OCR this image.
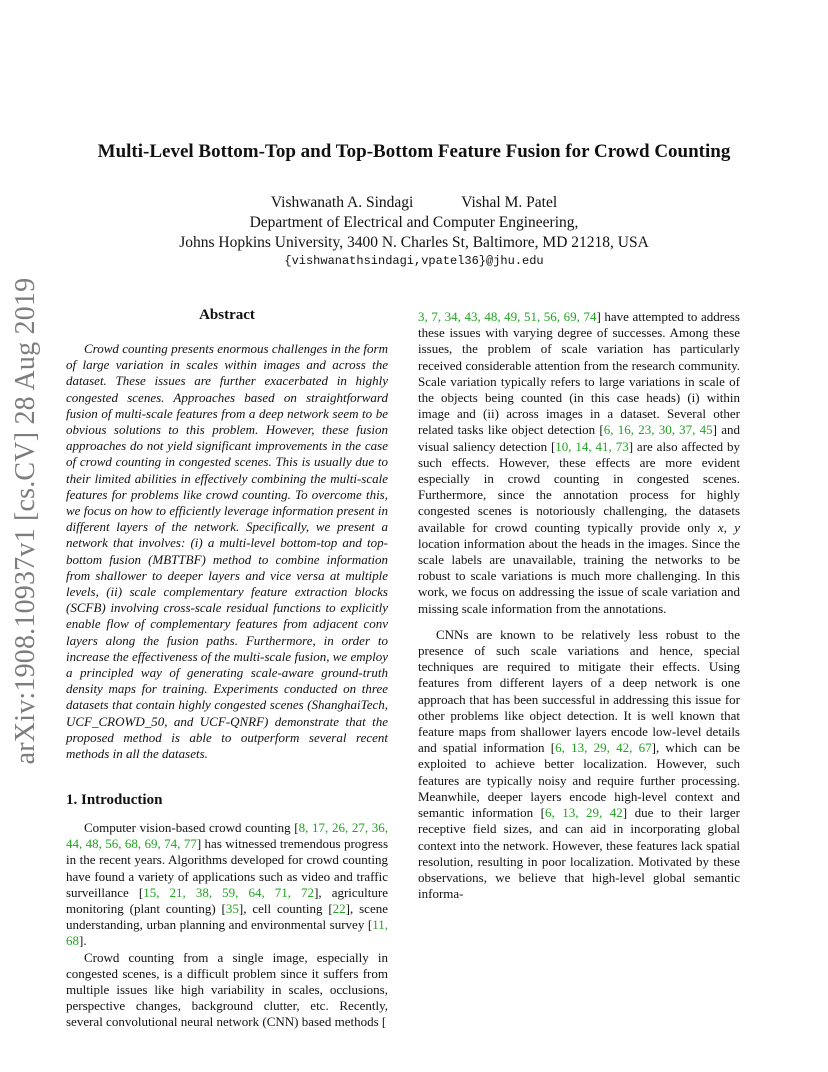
arXiv:1908.10937v1 [cs.CV] 28 Aug 2019
Multi-Level Bottom-Top and Top-Bottom Feature Fusion for Crowd Counting
Vishwanath A. Sindagi	Vishal M. Patel
Department of Electrical and Computer Engineering,
Johns Hopkins University, 3400 N. Charles St, Baltimore, MD 21218, USA
{vishwanathsindagi,vpatel36}@jhu.edu
Abstract

Crowd counting presents enormous challenges in the form of large variation in scales within images and across the dataset. These issues are further exacerbated in highly congested scenes. Approaches based on straightforward fusion of multi-scale features from a deep network seem to be obvious solutions to this problem. However, these fusion approaches do not yield significant improvements in the case of crowd counting in congested scenes. This is usually due to their limited abilities in effectively combining the multi-scale features for problems like crowd counting. To overcome this, we focus on how to efficiently leverage information present in different layers of the network. Specifically, we present a network that involves: (i) a multi-level bottom-top and top-bottom fusion (MBTTBF) method to combine information from shallower to deeper layers and vice versa at multiple levels, (ii) scale complementary feature extraction blocks (SCFB) involving cross-scale residual functions to explicitly enable flow of complementary features from adjacent conv layers along the fusion paths. Furthermore, in order to increase the effectiveness of the multi-scale fusion, we employ a principled way of generating scale-aware ground-truth density maps for training. Experiments conducted on three datasets that contain highly congested scenes (ShanghaiTech, UCF_CROWD_50, and UCF-QNRF) demonstrate that the proposed method is able to outperform several recent methods in all the datasets.

1. Introduction

Computer vision-based crowd counting [8, 17, 26, 27, 36, 44, 48, 56, 68, 69, 74, 77] has witnessed tremendous progress in the recent years. Algorithms developed for crowd counting have found a variety of applications such as video and traffic surveillance [15, 21, 38, 59, 64, 71, 72], agriculture monitoring (plant counting) [35], cell counting [22], scene understanding, urban planning and environmental survey [11, 68].

Crowd counting from a single image, especially in congested scenes, is a difficult problem since it suffers from multiple issues like high variability in scales, occlusions, perspective changes, background clutter, etc. Recently, several convolutional neural network (CNN) based methods [

3, 7, 34, 43, 48, 49, 51, 56, 69, 74] have attempted to address these issues with varying degree of successes. Among these issues, the problem of scale variation has particularly received considerable attention from the research community. Scale variation typically refers to large variations in scale of the objects being counted (in this case heads) (i) within image and (ii) across images in a dataset. Several other related tasks like object detection [6, 16, 23, 30, 37, 45] and visual saliency detection [10, 14, 41, 73] are also affected by such effects. However, these effects are more evident especially in crowd counting in congested scenes. Furthermore, since the annotation process for highly congested scenes is notoriously challenging, the datasets available for crowd counting typically provide only x, y location information about the heads in the images. Since the scale labels are unavailable, training the networks to be robust to scale variations is much more challenging. In this work, we focus on addressing the issue of scale variation and missing scale information from the annotations.

CNNs are known to be relatively less robust to the presence of such scale variations and hence, special techniques are required to mitigate their effects. Using features from different layers of a deep network is one approach that has been successful in addressing this issue for other problems like object detection. It is well known that feature maps from shallower layers encode low-level details and spatial information [6, 13, 29, 42, 67], which can be exploited to achieve better localization. However, such features are typically noisy and require further processing. Meanwhile, deeper layers encode high-level context and semantic information [6, 13, 29, 42] due to their larger receptive field sizes, and can aid in incorporating global context into the network. However, these features lack spatial resolution, resulting in poor localization. Motivated by these observations, we believe that high-level global semantic informa-
